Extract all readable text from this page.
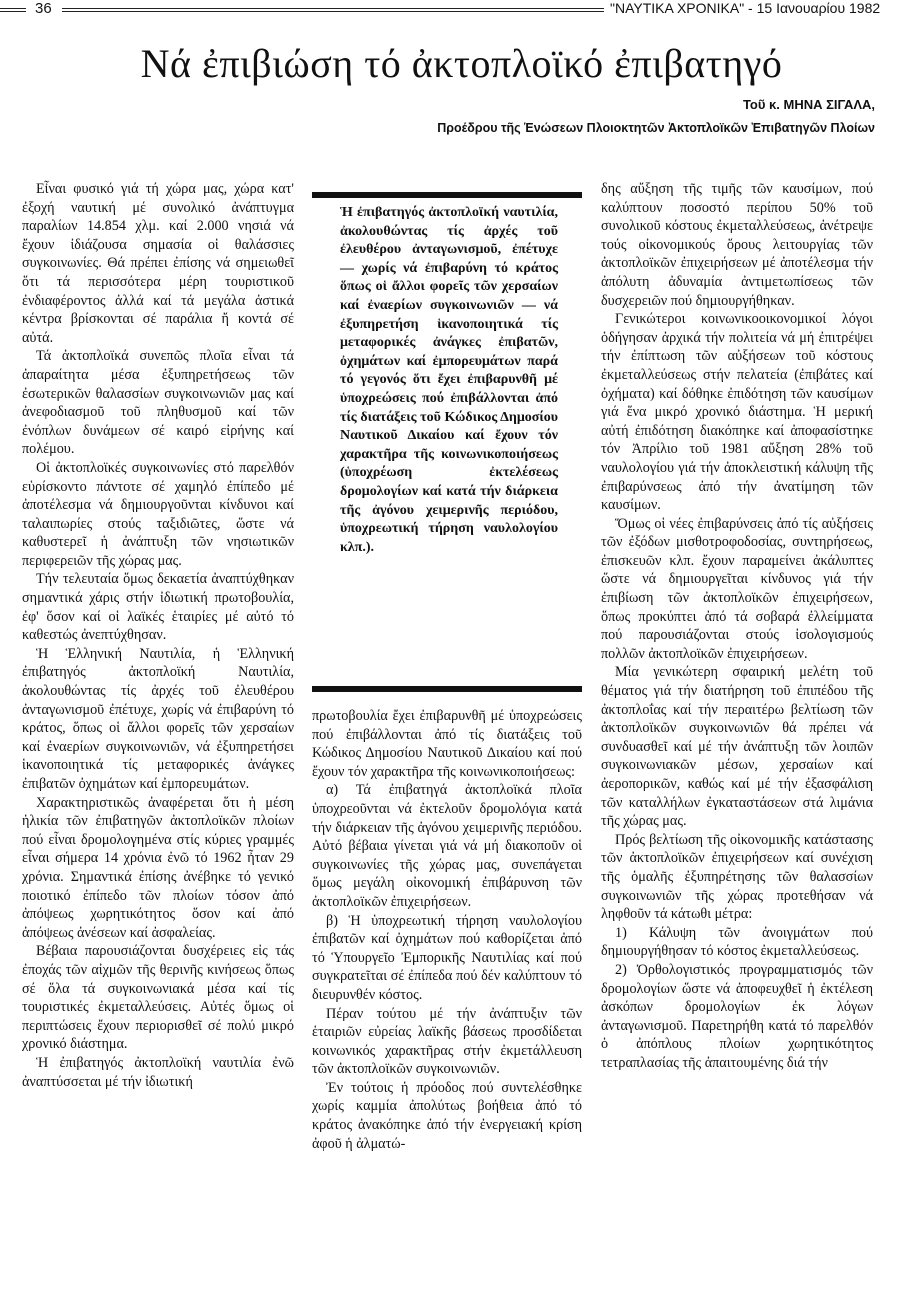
36	"ΝΑΥΤΙΚΑ ΧΡΟΝΙΚΑ" - 15 Ιανουαρίου 1982
Νά ἐπιβιώση τό ἀκτοπλοϊκό ἐπιβατηγό
Τοῦ κ. ΜΗΝΑ ΣΙΓΑΛΑ,
Προέδρου τῆς Ἑνώσεων Πλοιοκτητῶν Ἀκτοπλοϊκῶν Ἐπιβατηγῶν Πλοίων

Εἶναι φυσικό γιά τή χώρα μας, χώρα κατ' ἐξοχή ναυτική μέ συνολικό ἀνάπτυγμα παραλίων 14.854 χλμ. καί 2.000 νησιά νά ἔχουν ἰδιάζουσα σημασία οἱ θαλάσσιες συγκοινωνίες. Θά πρέπει ἐπίσης νά σημειωθεῖ ὅτι τά περισσότερα μέρη τουριστικοῦ ἐνδιαφέροντος ἀλλά καί τά μεγάλα ἀστικά κέντρα βρίσκονται σέ παράλια ἤ κοντά σέ αὐτά.

Τά ἀκτοπλοϊκά συνεπῶς πλοῖα εἶναι τά ἀπαραίτητα μέσα ἐξυπηρετήσεως τῶν ἐσωτερικῶν θαλασσίων συγκοινωνιῶν μας καί ἀνεφοδιασμοῦ τοῦ πληθυσμοῦ καί τῶν ἐνόπλων δυνάμεων σέ καιρό εἰρήνης καί πολέμου.

Οἱ ἀκτοπλοϊκές συγκοινωνίες στό παρελθόν εὑρίσκοντο πάντοτε σέ χαμηλό ἐπίπεδο μέ ἀποτέλεσμα νά δημιουργοῦνται κίνδυνοι καί ταλαιπωρίες στούς ταξιδιῶτες, ὥστε νά καθυστερεῖ ἡ ἀνάπτυξη τῶν νησιωτικῶν περιφερειῶν τῆς χώρας μας.

Τήν τελευταία ὅμως δεκαετία ἀναπτύχθηκαν σημαντικά χάρις στήν ἰδιωτική πρωτοβουλία, ἐφ' ὅσον καί οἱ λαϊκές ἑταιρίες μέ αὐτό τό καθεστώς ἀνεπτύχθησαν.

Ἡ Ἑλληνική Ναυτιλία, ἡ Ἑλληνική ἐπιβατηγός ἀκτοπλοϊκή Ναυτιλία, ἀκολουθώντας τίς ἀρχές τοῦ ἐλευθέρου ἀνταγωνισμοῦ ἐπέτυχε, χωρίς νά ἐπιβαρύνη τό κράτος, ὅπως οἱ ἄλλοι φορεῖς τῶν χερσαίων καί ἐναερίων συγκοινωνιῶν, νά ἐξυπηρετήσει ἱκανοποιητικά τίς μεταφορικές ἀνάγκες ἐπιβατῶν ὀχημάτων καί ἐμπορευμάτων.

Χαρακτηριστικῶς ἀναφέρεται ὅτι ἡ μέση ἡλικία τῶν ἐπιβατηγῶν ἀκτοπλοϊκῶν πλοίων πού εἶναι δρομολογημένα στίς κύριες γραμμές εἶναι σήμερα 14 χρόνια ἐνῶ τό 1962 ἦταν 29 χρόνια. Σημαντικά ἐπίσης ἀνέβηκε τό γενικό ποιοτικό ἐπίπεδο τῶν πλοίων τόσον ἀπό ἀπόψεως χωρητικότητος ὅσον καί ἀπό ἀπόψεως ἀνέσεων καί ἀσφαλείας.

Βέβαια παρουσιάζονται δυσχέρειες εἰς τάς ἐποχάς τῶν αἰχμῶν τῆς θερινῆς κινήσεως ὅπως σέ ὅλα τά συγκοινωνιακά μέσα καί τίς τουριστικές ἐκμεταλλεύσεις. Αὐτές ὅμως οἱ περιπτώσεις ἔχουν περιορισθεῖ σέ πολύ μικρό χρονικό διάστημα.

Ἡ ἐπιβατηγός ἀκτοπλοϊκή ναυτιλία ἐνῶ ἀναπτύσσεται μέ τήν ἰδιωτική

Ἡ ἐπιβατηγός ἀκτοπλοϊκή ναυτιλία, ἀκολουθώντας τίς ἀρχές τοῦ ἐλευθέρου ἀνταγωνισμοῦ, ἐπέτυχε — χωρίς νά ἐπιβαρύνη τό κράτος ὅπως οἱ ἄλλοι φορεῖς τῶν χερσαίων καί ἐναερίων συγκοινωνιῶν — νά ἐξυπηρετήση ἱκανοποιητικά τίς μεταφορικές ἀνάγκες ἐπιβατῶν, ὀχημάτων καί ἐμπορευμάτων παρά τό γεγονός ὅτι ἔχει ἐπιβαρυνθῆ μέ ὑποχρεώσεις πού ἐπιβάλλονται ἀπό τίς διατάξεις τοῦ Κώδικος Δημοσίου Ναυτικοῦ Δικαίου καί ἔχουν τόν χαρακτῆρα τῆς κοινωνικοποιήσεως (ὑποχρέωση ἐκτελέσεως δρομολογίων καί κατά τήν διάρκεια τῆς ἀγόνου χειμερινῆς περιόδου, ὑποχρεωτική τήρηση ναυλολογίου κλπ.).

πρωτοβουλία ἔχει ἐπιβαρυνθῆ μέ ὑποχρεώσεις πού ἐπιβάλλονται ἀπό τίς διατάξεις τοῦ Κώδικος Δημοσίου Ναυτικοῦ Δικαίου καί πού ἔχουν τόν χαρακτῆρα τῆς κοινωνικοποιήσεως:

α) Τά ἐπιβατηγά ἀκτοπλοϊκά πλοῖα ὑποχρεοῦνται νά ἐκτελοῦν δρομολόγια κατά τήν διάρκειαν τῆς ἀγόνου χειμερινῆς περιόδου. Αὐτό βέβαια γίνεται γιά νά μή διακοποῦν οἱ συγκοινωνίες τῆς χώρας μας, συνεπάγεται ὅμως μεγάλη οἰκονομική ἐπιβάρυνση τῶν ἀκτοπλοϊκῶν ἐπιχειρήσεων.

β) Ἡ ὑποχρεωτική τήρηση ναυλολογίου ἐπιβατῶν καί ὀχημάτων πού καθορίζεται ἀπό τό Ὑπουργεῖο Ἐμπορικῆς Ναυτιλίας καί πού συγκρατεῖται σέ ἐπίπεδα πού δέν καλύπτουν τό διευρυνθέν κόστος.

Πέραν τούτου μέ τήν ἀνάπτυξιν τῶν ἑταιριῶν εὐρείας λαϊκῆς βάσεως προσδίδεται κοινωνικός χαρακτῆρας στήν ἐκμετάλλευση τῶν ἀκτοπλοϊκῶν συγκοινωνιῶν.

Ἐν τούτοις ἡ πρόοδος πού συντελέσθηκε χωρίς καμμία ἀπολύτως βοήθεια ἀπό τό κράτος ἀνακόπηκε ἀπό τήν ἐνεργειακή κρίση ἀφοῦ ἡ ἀλματώ-

δης αὔξηση τῆς τιμῆς τῶν καυσίμων, πού καλύπτουν ποσοστό περίπου 50% τοῦ συνολικοῦ κόστους ἐκμεταλλεύσεως, ἀνέτρεψε τούς οἰκονομικούς ὅρους λειτουργίας τῶν ἀκτοπλοϊκῶν ἐπιχειρήσεων μέ ἀποτέλεσμα τήν ἀπόλυτη ἀδυναμία ἀντιμετωπίσεως τῶν δυσχερειῶν πού δημιουργήθηκαν.

Γενικώτεροι κοινωνικοοικονομικοί λόγοι ὁδήγησαν ἀρχικά τήν πολιτεία νά μή ἐπιτρέψει τήν ἐπίπτωση τῶν αὐξήσεων τοῦ κόστους ἐκμεταλλεύσεως στήν πελατεία (ἐπιβάτες καί ὀχήματα) καί δόθηκε ἐπιδότηση τῶν καυσίμων γιά ἕνα μικρό χρονικό διάστημα. Ἡ μερική αὐτή ἐπιδότηση διακόπηκε καί ἀποφασίστηκε τόν Ἀπρίλιο τοῦ 1981 αὔξηση 28% τοῦ ναυλολογίου γιά τήν ἀποκλειστική κάλυψη τῆς ἐπιβαρύνσεως ἀπό τήν ἀνατίμηση τῶν καυσίμων.

Ὅμως οἱ νέες ἐπιβαρύνσεις ἀπό τίς αὐξήσεις τῶν ἐξόδων μισθοτροφοδοσίας, συντηρήσεως, ἐπισκευῶν κλπ. ἔχουν παραμείνει ἀκάλυπτες ὥστε νά δημιουργεῖται κίνδυνος γιά τήν ἐπιβίωση τῶν ἀκτοπλοϊκῶν ἐπιχειρήσεων, ὅπως προκύπτει ἀπό τά σοβαρά ἐλλείμματα πού παρουσιάζονται στούς ἰσολογισμούς πολλῶν ἀκτοπλοϊκῶν ἐπιχειρήσεων.

Μία γενικώτερη σφαιρική μελέτη τοῦ θέματος γιά τήν διατήρηση τοῦ ἐπιπέδου τῆς ἀκτοπλοΐας καί τήν περαιτέρω βελτίωση τῶν ἀκτοπλοϊκῶν συγκοινωνιῶν θά πρέπει νά συνδυασθεῖ καί μέ τήν ἀνάπτυξη τῶν λοιπῶν συγκοινωνιακῶν μέσων, χερσαίων καί ἀεροπορικῶν, καθώς καί μέ τήν ἐξασφάλιση τῶν καταλλήλων ἐγκαταστάσεων στά λιμάνια τῆς χώρας μας.

Πρός βελτίωση τῆς οἰκονομικῆς κατάστασης τῶν ἀκτοπλοϊκῶν ἐπιχειρήσεων καί συνέχιση τῆς ὁμαλῆς ἐξυπηρέτησης τῶν θαλασσίων συγκοινωνιῶν τῆς χώρας προτεθήσαν νά ληφθοῦν τά κάτωθι μέτρα:

1) Κάλυψη τῶν ἀνοιγμάτων πού δημιουργήθησαν τό κόστος ἐκμεταλλεύσεως.

2) Ὀρθολογιστικός προγραμματισμός τῶν δρομολογίων ὥστε νά ἀποφευχθεῖ ἡ ἐκτέλεση ἀσκόπων δρομολογίων ἐκ λόγων ἀνταγωνισμοῦ. Παρετηρήθη κατά τό παρελθόν ὁ ἀπόπλους πλοίων χωρητικότητος τετραπλασίας τῆς ἀπαιτουμένης διά τήν
